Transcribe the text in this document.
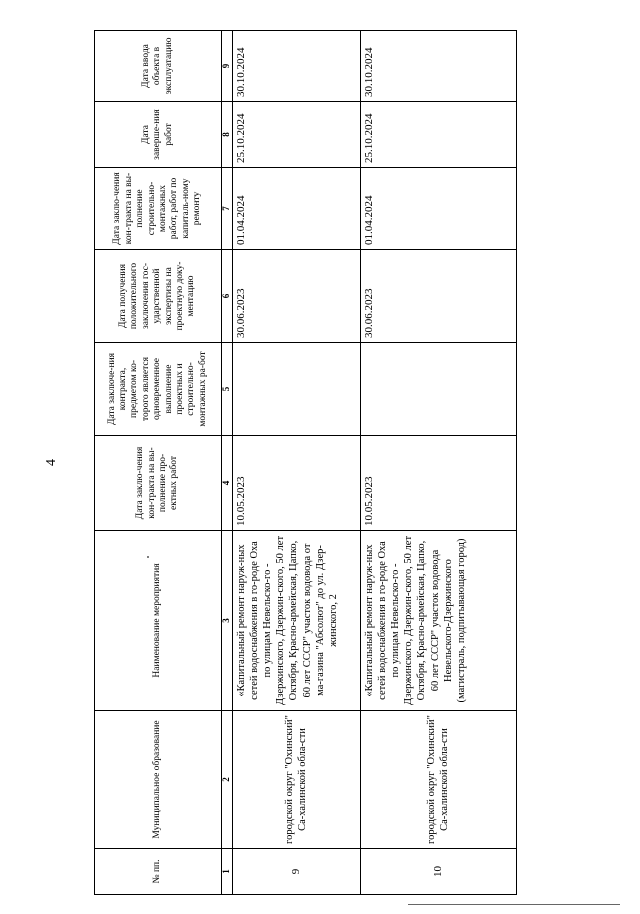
4
№ пп.	Муниципальное образование	Наименование мероприятия	Дата заклю-чения кон-тракта на вы-полнение про-ектных работ	Дата заключе-ния контракта, предметом ко-торого является одновременное выполнение проектных и строительно-монтажных ра-бот	Дата получения положительного заключения гос-ударственной экспертизы на проектную доку-ментацию	Дата заклю-чения кон-тракта на вы-полнение строительно-монтажных работ, работ по капиталь-ному ремонту	Дата заверше-ния работ	Дата ввода объекта в эксплуатацию
1	2	3	4	5	6	7	8	9
9	городской округ "Охинский" Са-халинской обла-сти	«Капитальный ремонт наруж-ных сетей водоснабжения в го-роде Оха по улицам Невельско-го - Дзержинского, Дзержин-ского, 50 лет Октября, Красно-армейская, Цапко, 60 лет СССР" участок водовода от ма-газина "Абсолют" до ул. Дзер-жинского, 2	10.05.2023		30.06.2023	01.04.2024	25.10.2024	30.10.2024
10	городской округ "Охинский" Са-халинской обла-сти	«Капитальный ремонт наруж-ных сетей водоснабжения в го-роде Оха по улицам Невельско-го - Дзержинского, Дзержин-ского, 50 лет Октября, Красно-армейская, Цапко, 60 лет СССР" участок водовода Невельского-Дзержинского (магистраль, подпитывающая город)	10.05.2023		30.06.2023	01.04.2024	25.10.2024	30.10.2024
